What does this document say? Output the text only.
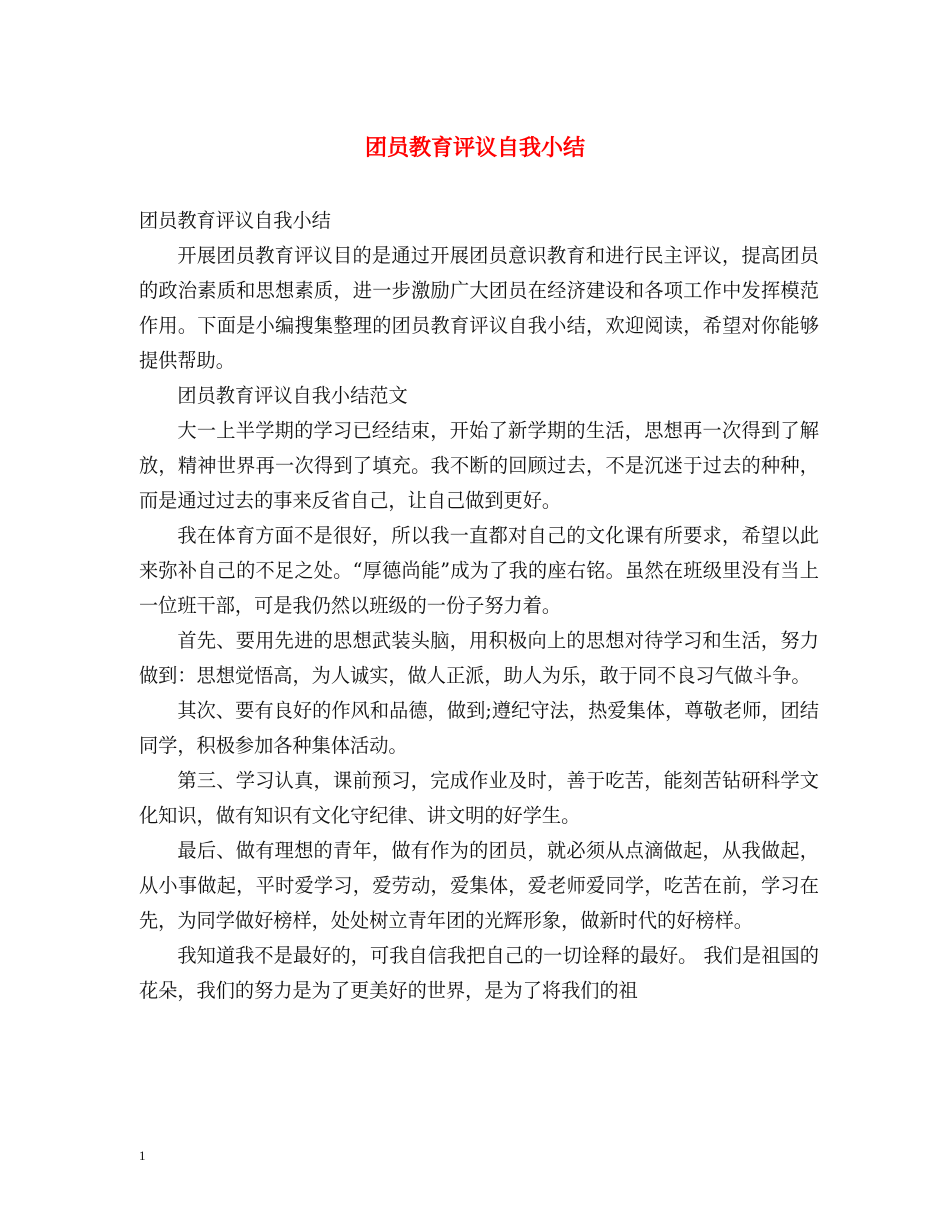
团员教育评议自我小结

团员教育评议自我小结

开展团员教育评议目的是通过开展团员意识教育和进行民主评议，提高团员的政治素质和思想素质，进一步激励广大团员在经济建设和各项工作中发挥模范作用。下面是小编搜集整理的团员教育评议自我小结，欢迎阅读，希望对你能够提供帮助。

团员教育评议自我小结范文

大一上半学期的学习已经结束，开始了新学期的生活，思想再一次得到了解放，精神世界再一次得到了填充。我不断的回顾过去，不是沉迷于过去的种种，而是通过过去的事来反省自己，让自己做到更好。

我在体育方面不是很好，所以我一直都对自己的文化课有所要求，希望以此来弥补自己的不足之处。“厚德尚能”成为了我的座右铭。虽然在班级里没有当上一位班干部，可是我仍然以班级的一份子努力着。

首先、要用先进的思想武装头脑，用积极向上的思想对待学习和生活，努力做到：思想觉悟高，为人诚实，做人正派，助人为乐，敢于同不良习气做斗争。

其次、要有良好的作风和品德，做到;遵纪守法，热爱集体，尊敬老师，团结同学，积极参加各种集体活动。

第三、学习认真，课前预习，完成作业及时，善于吃苦，能刻苦钻研科学文化知识，做有知识有文化守纪律、讲文明的好学生。

最后、做有理想的青年，做有作为的团员，就必须从点滴做起，从我做起，从小事做起，平时爱学习，爱劳动，爱集体，爱老师爱同学，吃苦在前，学习在先，为同学做好榜样，处处树立青年团的光辉形象，做新时代的好榜样。

我知道我不是最好的，可我自信我把自己的一切诠释的最好。 我们是祖国的花朵，我们的努力是为了更美好的世界，是为了将我们的祖

1
